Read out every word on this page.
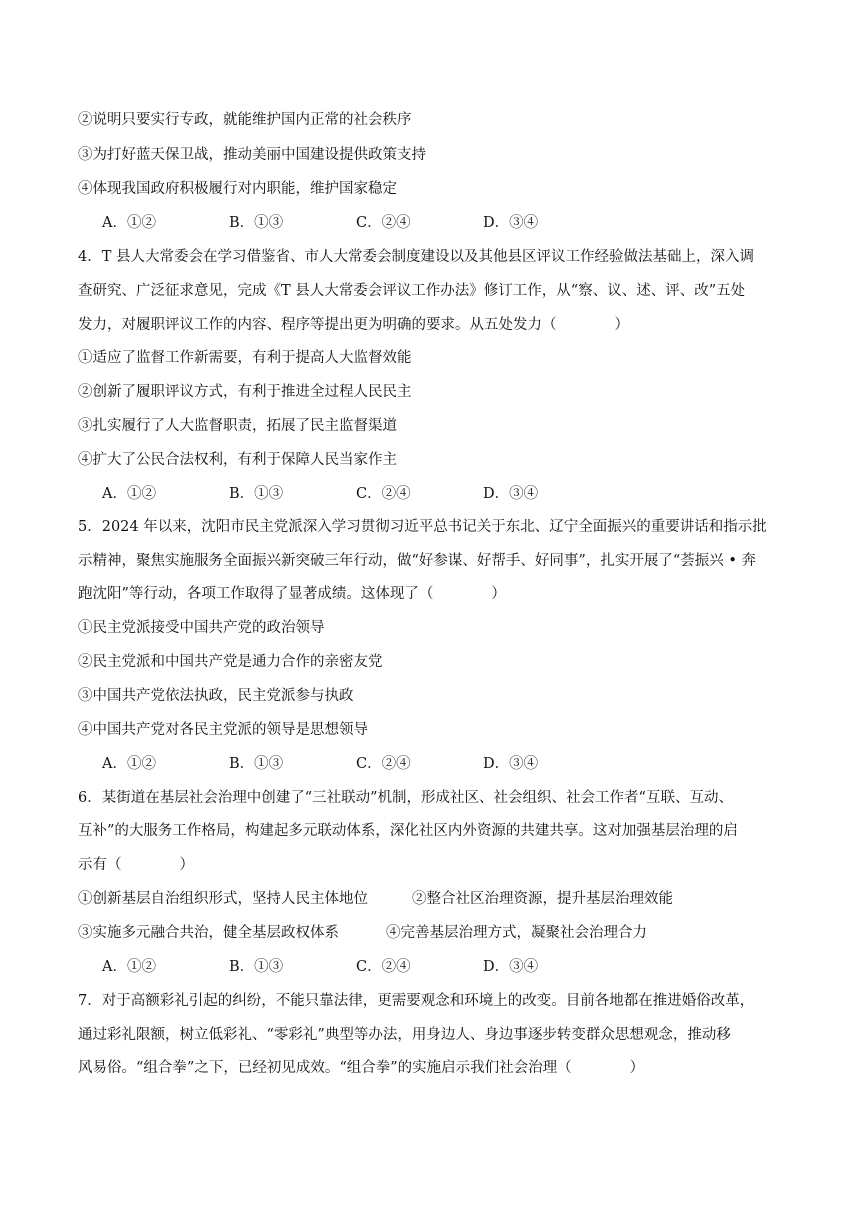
②说明只要实行专政，就能维护国内正常的社会秩序
③为打好蓝天保卫战，推动美丽中国建设提供政策支持
④体现我国政府积极履行对内职能，维护国家稳定
A．①②	B．①③	C．②④	D．③④
4．T 县人大常委会在学习借鉴省、市人大常委会制度建设以及其他县区评议工作经验做法基础上，深入调
查研究、广泛征求意见，完成《T 县人大常委会评议工作办法》修订工作，从“察、议、述、评、改”五处
发力，对履职评议工作的内容、程序等提出更为明确的要求。从五处发力（　　　　）
①适应了监督工作新需要，有利于提高人大监督效能
②创新了履职评议方式，有利于推进全过程人民民主
③扎实履行了人大监督职责，拓展了民主监督渠道
④扩大了公民合法权利，有利于保障人民当家作主
A．①②	B．①③	C．②④	D．③④
5．2024 年以来，沈阳市民主党派深入学习贯彻习近平总书记关于东北、辽宁全面振兴的重要讲话和指示批
示精神，聚焦实施服务全面振兴新突破三年行动，做“好参谋、好帮手、好同事”，扎实开展了“荟振兴 • 奔
跑沈阳”等行动，各项工作取得了显著成绩。这体现了（　　　　）
①民主党派接受中国共产党的政治领导
②民主党派和中国共产党是通力合作的亲密友党
③中国共产党依法执政，民主党派参与执政
④中国共产党对各民主党派的领导是思想领导
A．①②	B．①③	C．②④	D．③④
6．某街道在基层社会治理中创建了“三社联动”机制，形成社区、社会组织、社会工作者“互联、互动、
互补”的大服务工作格局，构建起多元联动体系，深化社区内外资源的共建共享。这对加强基层治理的启
示有（　　　　）
①创新基层自治组织形式，坚持人民主体地位	②整合社区治理资源，提升基层治理效能
③实施多元融合共治，健全基层政权体系	④完善基层治理方式，凝聚社会治理合力
A．①②	B．①③	C．②④	D．③④
7．对于高额彩礼引起的纠纷，不能只靠法律，更需要观念和环境上的改变。目前各地都在推进婚俗改革，
通过彩礼限额，树立低彩礼、“零彩礼”典型等办法，用身边人、身边事逐步转变群众思想观念，推动移
风易俗。“组合拳”之下，已经初见成效。“组合拳”的实施启示我们社会治理（　　　　）
